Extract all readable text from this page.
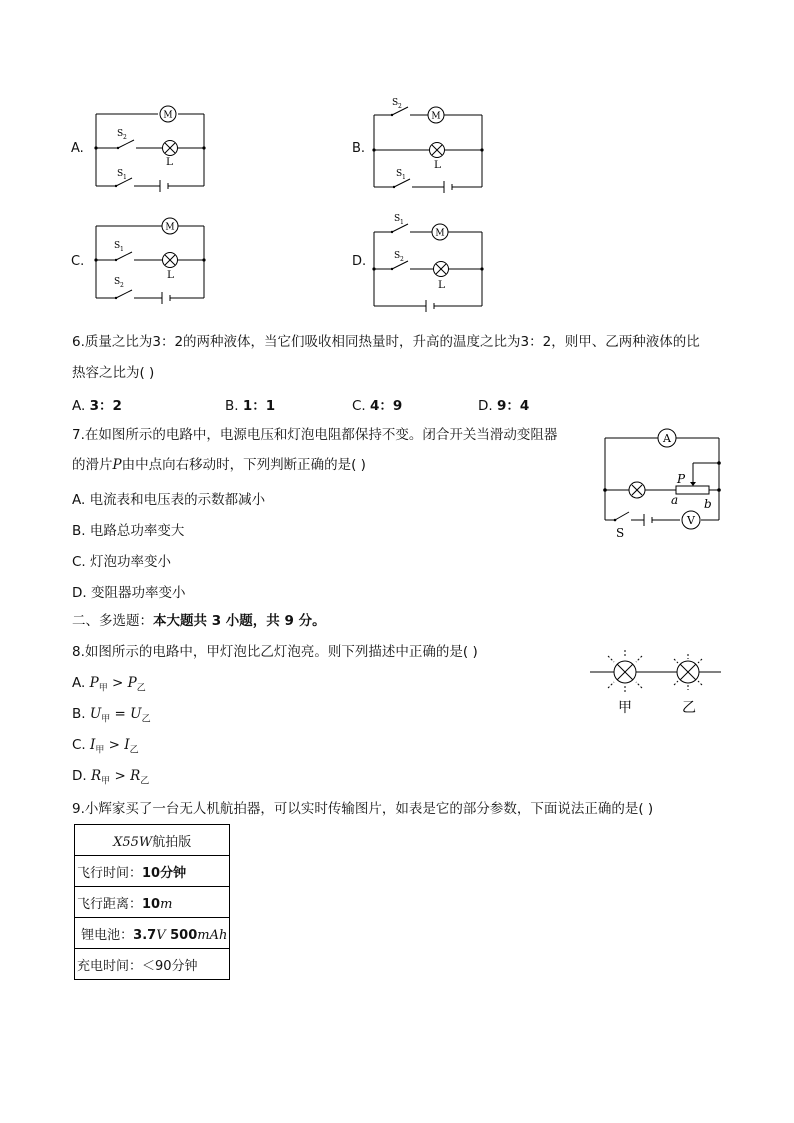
A.
M
L
S 2
S 1
B.
M
L
S 2
S 1
C.
M
L
S 1
S 2
D.
M
L
S 1
S 2
6.质量之比为3：2的两种液体，当它们吸收相同热量时，升高的温度之比为3：2，则甲、乙两种液体的比
热容之比为( )
A. 3：2	B. 1：1	C. 4：9	D. 9：4
7.在如图所示的电路中，电源电压和灯泡电阻都保持不变。闭合开关当滑动变阻器
的滑片P由中点向右移动时，下列判断正确的是( )
A. 电流表和电压表的示数都减小
B. 电路总功率变大
C. 灯泡功率变小
D. 变阻器功率变小
A
V
S
P
a b
二、多选题：本大题共 3 小题，共 9 分。
8.如图所示的电路中，甲灯泡比乙灯泡亮。则下列描述中正确的是( )
A. $P_甲 > P_乙$
B. $U_甲 = U_乙$
C. $I_甲 > I_乙$
D. $R_甲 > R_乙$
甲	乙
9.小辉家买了一台无人机航拍器，可以实时传输图片，如表是它的部分参数，下面说法正确的是( )
X55W航拍版
飞行时间：10分钟
飞行距离：10m
锂电池：3.7V 500mAh
充电时间：＜90分钟
